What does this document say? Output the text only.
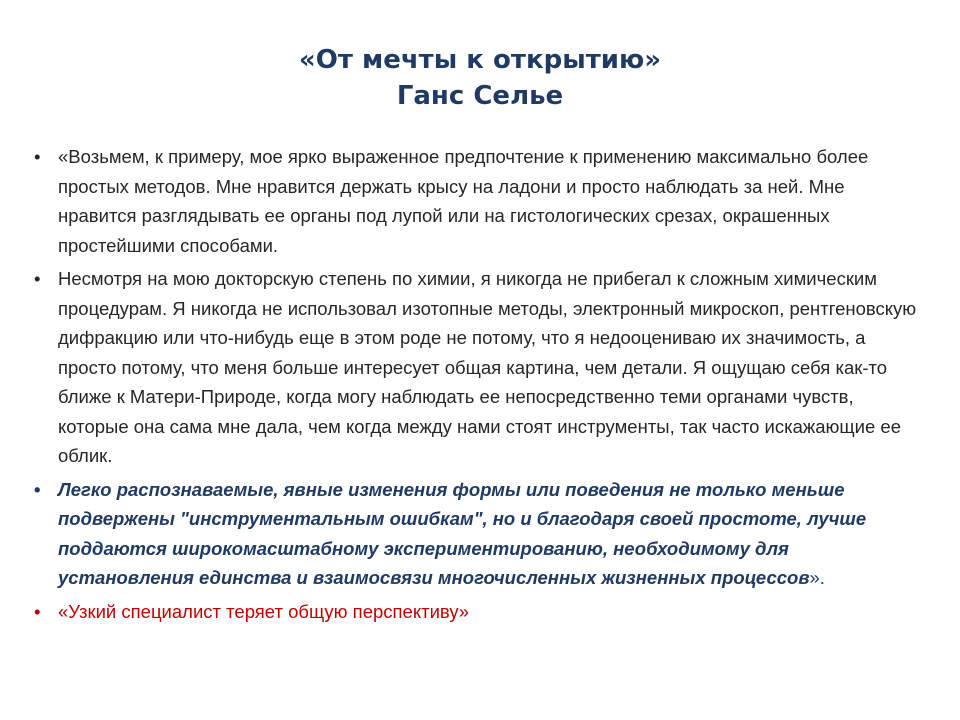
«От мечты к открытию»
Ганс Селье
• «Возьмем, к примеру, мое ярко выраженное предпочтение к применению максимально более простых методов. Мне нравится держать крысу на ладони и просто наблюдать за ней. Мне нравится разглядывать ее органы под лупой или на гистологических срезах, окрашенных простейшими способами.
• Несмотря на мою докторскую степень по химии, я никогда не прибегал к сложным химическим процедурам. Я никогда не использовал изотопные методы, электронный микроскоп, рентгеновскую дифракцию или что-нибудь еще в этом роде не потому, что я недооцениваю их значимость, а просто потому, что меня больше интересует общая картина, чем детали. Я ощущаю себя как-то ближе к Матери-Природе, когда могу наблюдать ее непосредственно теми органами чувств, которые она сама мне дала, чем когда между нами стоят инструменты, так часто искажающие ее облик.
• Легко распознаваемые, явные изменения формы или поведения не только меньше подвержены "инструментальным ошибкам", но и благодаря своей простоте, лучше поддаются широкомасштабному экспериментированию, необходимому для установления единства и взаимосвязи многочисленных жизненных процессов».
• «Узкий специалист теряет общую перспективу»
